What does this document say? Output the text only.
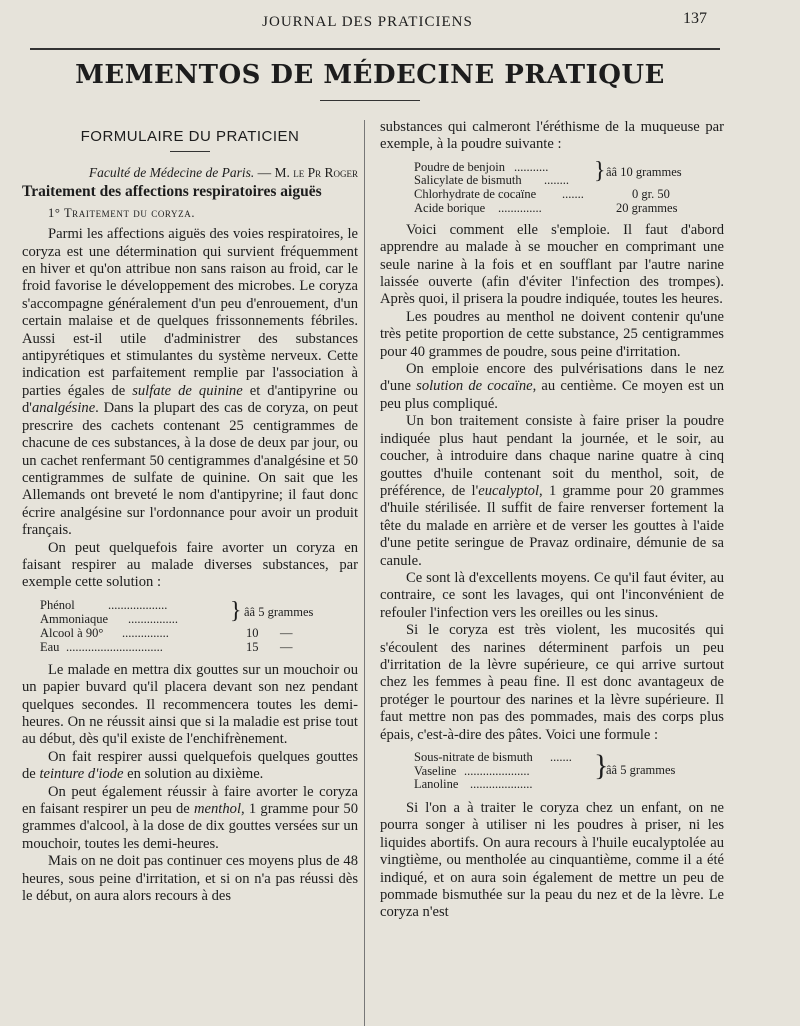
JOURNAL DES PRATICIENS	137
MEMENTOS DE MÉDECINE PRATIQUE
FORMULAIRE DU PRATICIEN

Faculté de Médecine de Paris. — M. le Pr Roger

Traitement des affections respiratoires aiguës

1° Traitement du coryza.

Parmi les affections aiguës des voies respiratoires, le coryza est une détermination qui survient fréquemment en hiver et qu'on attribue non sans raison au froid, car le froid favorise le développement des microbes. Le coryza s'accompagne généralement d'un peu d'enrouement, d'un certain malaise et de quelques frissonnements fébriles. Aussi est-il utile d'administrer des substances antipyrétiques et stimulantes du système nerveux. Cette indication est parfaitement remplie par l'association à parties égales de sulfate de quinine et d'antipyrine ou d'analgésine. Dans la plupart des cas de coryza, on peut prescrire des cachets contenant 25 centigrammes de chacune de ces substances, à la dose de deux par jour, ou un cachet renfermant 50 centigrammes d'analgésine et 50 centigrammes de sulfate de quinine. On sait que les Allemands ont breveté le nom d'antipyrine; il faut donc écrire analgésine sur l'ordonnance pour avoir un produit français.

On peut quelquefois faire avorter un coryza en faisant respirer au malade diverses substances, par exemple cette solution :

Phénol	...................
Ammoniaque ................
Alcool à 90° ...............	10 —
Eau ...............................	15 —
} ââ 5 grammes

Le malade en mettra dix gouttes sur un mouchoir ou un papier buvard qu'il placera devant son nez pendant quelques secondes. Il recommencera toutes les demi-heures. On ne réussit ainsi que si la maladie est prise tout au début, dès qu'il existe de l'enchifrènement.

On fait respirer aussi quelquefois quelques gouttes de teinture d'iode en solution au dixième.

On peut également réussir à faire avorter le coryza en faisant respirer un peu de menthol, 1 gramme pour 50 grammes d'alcool, à la dose de dix gouttes versées sur un mouchoir, toutes les demi-heures.

Mais on ne doit pas continuer ces moyens plus de 48 heures, sous peine d'irritation, et si on n'a pas réussi dès le début, on aura alors recours à des

substances qui calmeront l'éréthisme de la muqueuse par exemple, à la poudre suivante :

Poudre de benjoin ...........
Salicylate de bismuth ........
Chlorhydrate de cocaïne .......	0 gr. 50
Acide borique ..............	20 grammes
} ââ 10 grammes

Voici comment elle s'emploie. Il faut d'abord apprendre au malade à se moucher en comprimant une seule narine à la fois et en soufflant par l'autre narine laissée ouverte (afin d'éviter l'infection des trompes). Après quoi, il prisera la poudre indiquée, toutes les heures.

Les poudres au menthol ne doivent contenir qu'une très petite proportion de cette substance, 25 centigrammes pour 40 grammes de poudre, sous peine d'irritation.

On emploie encore des pulvérisations dans le nez d'une solution de cocaïne, au centième. Ce moyen est un peu plus compliqué.

Un bon traitement consiste à faire priser la poudre indiquée plus haut pendant la journée, et le soir, au coucher, à introduire dans chaque narine quatre à cinq gouttes d'huile contenant soit du menthol, soit, de préférence, de l'eucalyptol, 1 gramme pour 20 grammes d'huile stérilisée. Il suffit de faire renverser fortement la tête du malade en arrière et de verser les gouttes à l'aide d'une petite seringue de Pravaz ordinaire, démunie de sa canule.

Ce sont là d'excellents moyens. Ce qu'il faut éviter, au contraire, ce sont les lavages, qui ont l'inconvénient de refouler l'infection vers les oreilles ou les sinus.

Si le coryza est très violent, les mucosités qui s'écoulent des narines déterminent parfois un peu d'irritation de la lèvre supérieure, ce qui arrive surtout chez les femmes à peau fine. Il est donc avantageux de protéger le pourtour des narines et la lèvre supérieure. Il faut mettre non pas des pommades, mais des corps plus épais, c'est-à-dire des pâtes. Voici une formule :

Sous-nitrate de bismuth .......
Vaseline .....................
Lanoline ....................
}
ââ 5 grammes

Si l'on a à traiter le coryza chez un enfant, on ne pourra songer à utiliser ni les poudres à priser, ni les liquides abortifs. On aura recours à l'huile eucalyptolée au vingtième, ou mentholée au cinquantième, comme il a été indiqué, et on aura soin également de mettre un peu de pommade bismuthée sur la peau du nez et de la lèvre. Le coryza n'est
